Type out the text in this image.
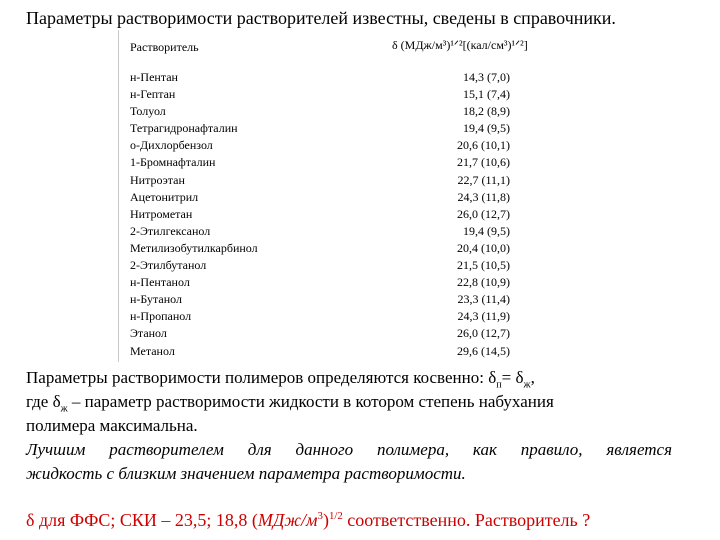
Параметры растворимости растворителей известны, сведены в справочники.
Растворитель	δ (МДж/м³)¹ᐟ²[(кал/см³)¹ᐟ²]
н-Пентан	14,3 (7,0)
н-Гептан	15,1 (7,4)
Толуол	18,2 (8,9)
Тетрагидронафталин	19,4 (9,5)
о-Дихлорбензол	20,6 (10,1)
1-Бромнафталин	21,7 (10,6)
Нитроэтан	22,7 (11,1)
Ацетонитрил	24,3 (11,8)
Нитрометан	26,0 (12,7)
2-Этилгексанол	19,4 (9,5)
Метилизобутилкарбинол	20,4 (10,0)
2-Этилбутанол	21,5 (10,5)
н-Пентанол	22,8 (10,9)
н-Бутанол	23,3 (11,4)
н-Пропанол	24,3 (11,9)
Этанол	26,0 (12,7)
Метанол	29,6 (14,5)
Параметры растворимости полимеров определяются косвенно: $\delta_п= \delta_ж$,
где $\delta_ж$ – параметр растворимости жидкости в котором степень набухания
полимера максимальна.
Лучшим растворителем для данного полимера, как правило, является
жидкость с близким значением параметра растворимости.
δ для ФФС; СКИ – 23,5; 18,8 $(МДж/м^3)^{1/2}$ соответственно. Растворитель ?
